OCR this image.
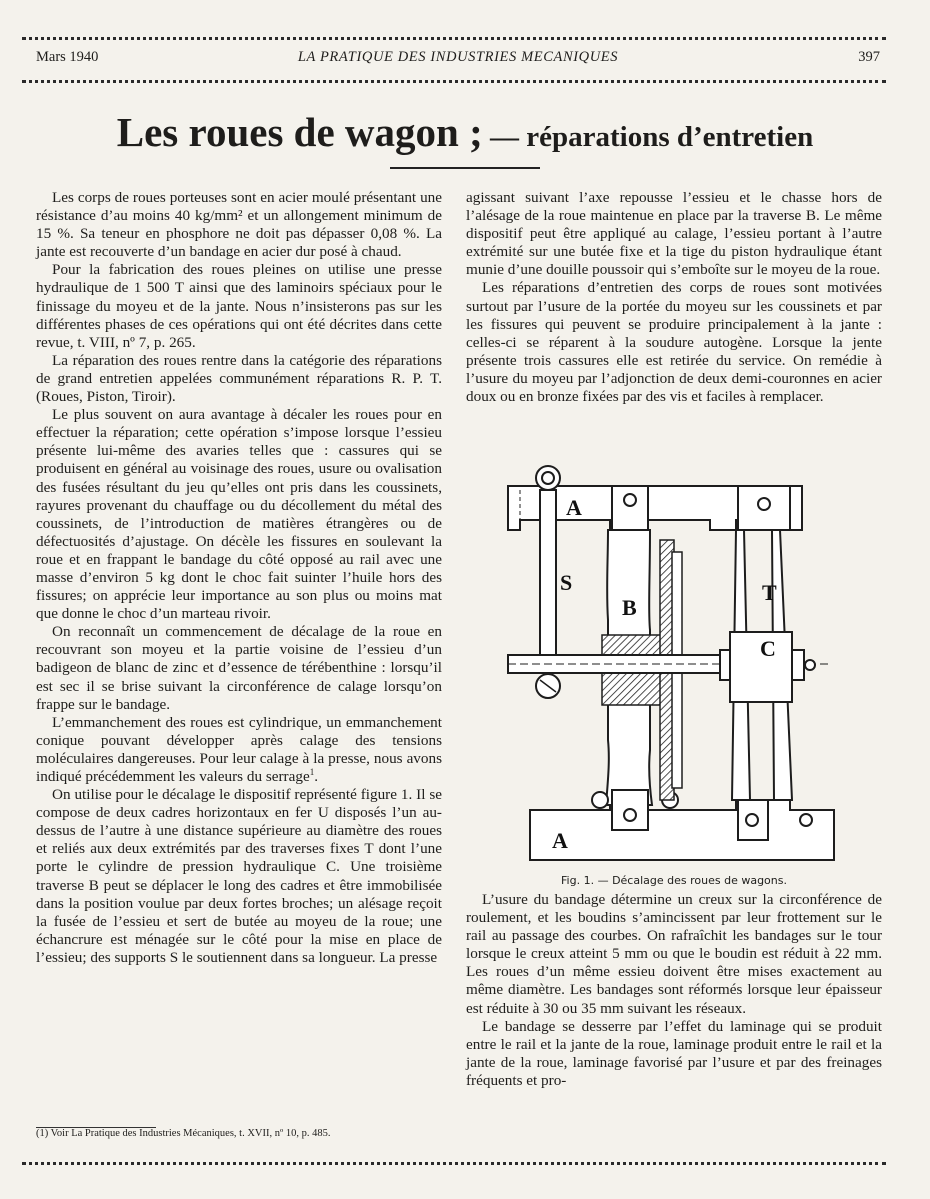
Mars 1940	LA PRATIQUE DES INDUSTRIES MECANIQUES	397
Les roues de wagon ; — réparations d’entretien

Les corps de roues porteuses sont en acier moulé présentant une résistance d’au moins 40 kg/mm² et un allongement minimum de 15 %. Sa teneur en phosphore ne doit pas dépasser 0,08 %. La jante est recouverte d’un bandage en acier dur posé à chaud.

Pour la fabrication des roues pleines on utilise une presse hydraulique de 1 500 T ainsi que des laminoirs spéciaux pour le finissage du moyeu et de la jante. Nous n’insisterons pas sur les différentes phases de ces opérations qui ont été décrites dans cette revue, t. VIII, nº 7, p. 265.

La réparation des roues rentre dans la catégorie des réparations de grand entretien appelées communément réparations R. P. T. (Roues, Piston, Tiroir).

Le plus souvent on aura avantage à décaler les roues pour en effectuer la réparation; cette opération s’impose lorsque l’essieu présente lui-même des avaries telles que : cassures qui se produisent en général au voisinage des roues, usure ou ovalisation des fusées résultant du jeu qu’elles ont pris dans les coussinets, rayures provenant du chauffage ou du décollement du métal des coussinets, de l’introduction de matières étrangères ou de défectuosités d’ajustage. On décèle les fissures en soulevant la roue et en frappant le bandage du côté opposé au rail avec une masse d’environ 5 kg dont le choc fait suinter l’huile hors des fissures; on apprécie leur importance au son plus ou moins mat que donne le choc d’un marteau rivoir.

On reconnaît un commencement de décalage de la roue en recouvrant son moyeu et la partie voisine de l’essieu d’un badigeon de blanc de zinc et d’essence de térébenthine : lorsqu’il est sec il se brise suivant la circonférence de calage lorsqu’on frappe sur le bandage.

L’emmanchement des roues est cylindrique, un emmanchement conique pouvant développer après calage des tensions moléculaires dangereuses. Pour leur calage à la presse, nous avons indiqué précédemment les valeurs du serrage$^1$.

On utilise pour le décalage le dispositif représenté figure 1. Il se compose de deux cadres horizontaux en fer U disposés l’un au-dessus de l’autre à une distance supérieure au diamètre des roues et reliés aux deux extrémités par des traverses fixes T dont l’une porte le cylindre de pression hydraulique C. Une troisième traverse B peut se déplacer le long des cadres et être immobilisée dans la position voulue par deux fortes broches; un alésage reçoit la fusée de l’essieu et sert de butée au moyeu de la roue; une échancrure est ménagée sur le côté pour la mise en place de l’essieu; des supports S le soutiennent dans sa longueur. La presse

agissant suivant l’axe repousse l’essieu et le chasse hors de l’alésage de la roue maintenue en place par la traverse B. Le même dispositif peut être appliqué au calage, l’essieu portant à l’autre extrémité sur une butée fixe et la tige du piston hydraulique étant munie d’une douille poussoir qui s’emboîte sur le moyeu de la roue.

Les réparations d’entretien des corps de roues sont motivées surtout par l’usure de la portée du moyeu sur les coussinets et par les fissures qui peuvent se produire principalement à la jante : celles-ci se réparent à la soudure autogène. Lorsque la jente présente trois cassures elle est retirée du service. On remédie à l’usure du moyeu par l’adjonction de deux demi-couronnes en acier doux ou en bronze fixées par des vis et faciles à remplacer.

A
S
B
T
C
A
Fig. 1. — Décalage des roues de wagons.

L’usure du bandage détermine un creux sur la circonférence de roulement, et les boudins s’amincissent par leur frottement sur le rail au passage des courbes. On rafraîchit les bandages sur le tour lorsque le creux atteint 5 mm ou que le boudin est réduit à 22 mm. Les roues d’un même essieu doivent être mises exactement au même diamètre. Les bandages sont réformés lorsque leur épaisseur est réduite à 30 ou 35 mm suivant les réseaux.

Le bandage se desserre par l’effet du laminage qui se produit entre le rail et la jante de la roue, laminage produit entre le rail et la jante de la roue, laminage favorisé par l’usure et par des freinages fréquents et pro-

(1) Voir La Pratique des Industries Mécaniques, t. XVII, nº 10, p. 485.
